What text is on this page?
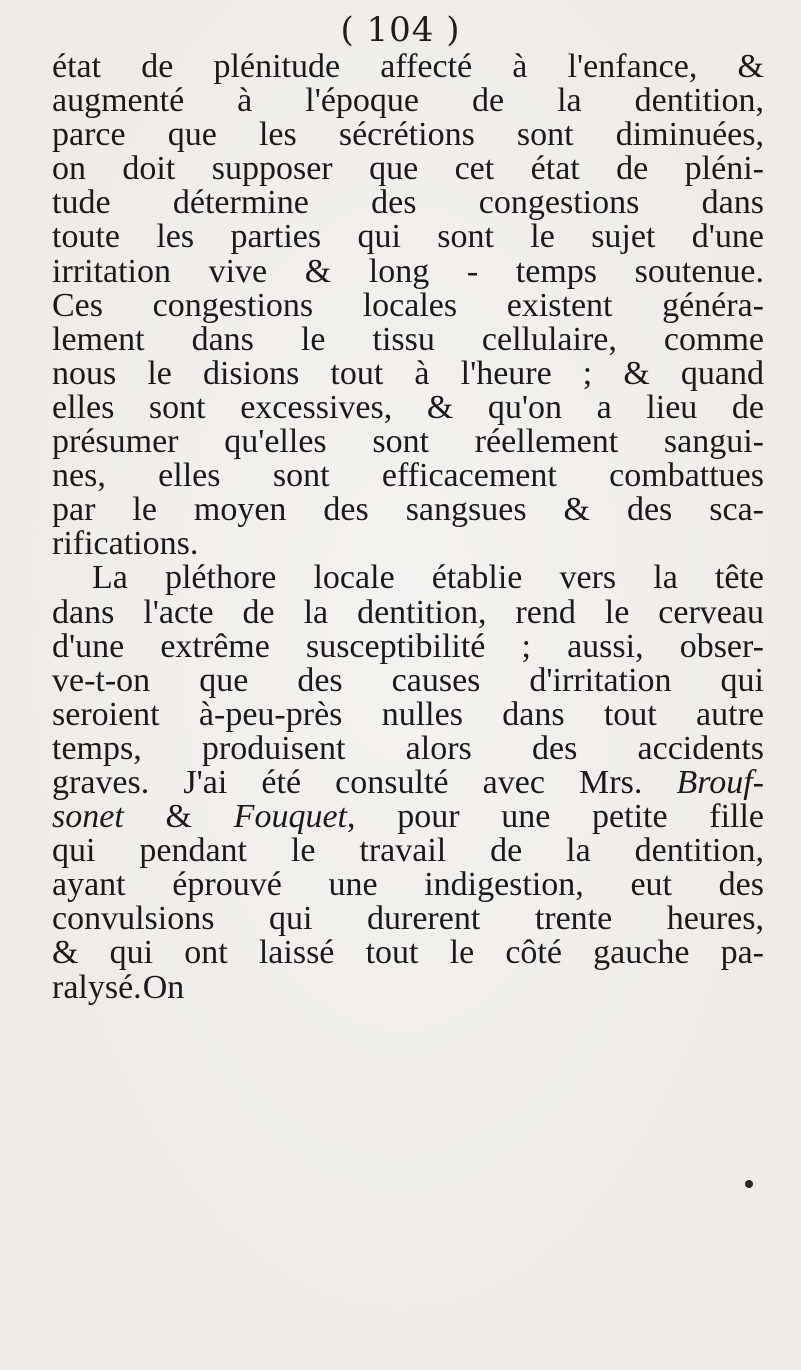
( 104 )
état de plénitude affecté à l'enfance, &
augmenté à l'époque de la dentition,
parce que les sécrétions sont diminuées,
on doit supposer que cet état de pléni-
tude détermine des congestions dans
toute les parties qui sont le sujet d'une
irritation vive & long - temps soutenue.
Ces congestions locales existent généra-
lement dans le tissu cellulaire, comme
nous le disions tout à l'heure ; & quand
elles sont excessives, & qu'on a lieu de
présumer qu'elles sont réellement sangui-
nes, elles sont efficacement combattues
par le moyen des sangsues & des sca-
rifications.
La pléthore locale établie vers la tête
dans l'acte de la dentition, rend le cerveau
d'une extrême susceptibilité ; aussi, obser-
ve-t-on que des causes d'irritation qui
seroient à-peu-près nulles dans tout autre
temps, produisent alors des accidents
graves. J'ai été consulté avec Mrs. Brouf-
sonet & Fouquet, pour une petite fille
qui pendant le travail de la dentition,
ayant éprouvé une indigestion, eut des
convulsions qui durerent trente heures,
& qui ont laissé tout le côté gauche pa-
ralysé.On
